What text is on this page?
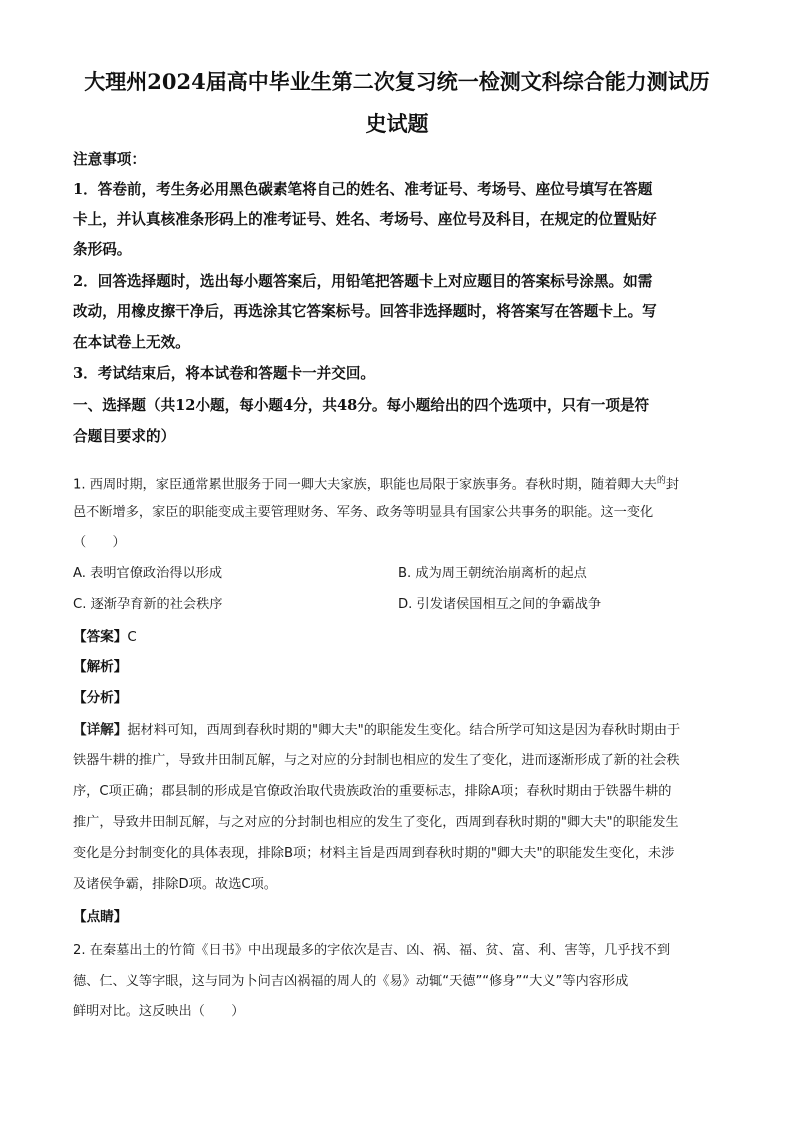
大理州2024届高中毕业生第二次复习统一检测文科综合能力测试历
史试题
注意事项：
1．答卷前，考生务必用黑色碳素笔将自己的姓名、准考证号、考场号、座位号填写在答题
卡上，并认真核准条形码上的准考证号、姓名、考场号、座位号及科目，在规定的位置贴好
条形码。
2．回答选择题时，选出每小题答案后，用铅笔把答题卡上对应题目的答案标号涂黑。如需
改动，用橡皮擦干净后，再选涂其它答案标号。回答非选择题时，将答案写在答题卡上。写
在本试卷上无效。
3．考试结束后，将本试卷和答题卡一并交回。
一、选择题（共12小题，每小题4分，共48分。每小题给出的四个选项中，只有一项是符
合题目要求的）
1. 西周时期，家臣通常累世服务于同一卿大夫家族，职能也局限于家族事务。春秋时期，随着卿大夫$^的$封
邑不断增多，家臣的职能变成主要管理财务、军务、政务等明显具有国家公共事务的职能。这一变化
（　　）
A. 表明官僚政治得以形成	B. 成为周王朝统治崩离析的起点
C. 逐渐孕育新的社会秩序	D. 引发诸侯国相互之间的争霸战争
【答案】C
【解析】
【分析】
【详解】据材料可知，西周到春秋时期的"卿大夫"的职能发生变化。结合所学可知这是因为春秋时期由于
铁器牛耕的推广，导致井田制瓦解，与之对应的分封制也相应的发生了变化，进而逐渐形成了新的社会秩
序，C项正确；郡县制的形成是官僚政治取代贵族政治的重要标志，排除A项；春秋时期由于铁器牛耕的
推广，导致井田制瓦解，与之对应的分封制也相应的发生了变化，西周到春秋时期的"卿大夫"的职能发生
变化是分封制变化的具体表现，排除B项；材料主旨是西周到春秋时期的"卿大夫"的职能发生变化，未涉
及诸侯争霸，排除D项。故选C项。
【点睛】
2. 在秦墓出土的竹简《日书》中出现最多的字依次是吉、凶、祸、福、贫、富、利、害等，几乎找不到
德、仁、义等字眼，这与同为卜问吉凶祸福的周人的《易》动辄“天德”“修身”“大义”等内容形成
鲜明对比。这反映出（　　）
